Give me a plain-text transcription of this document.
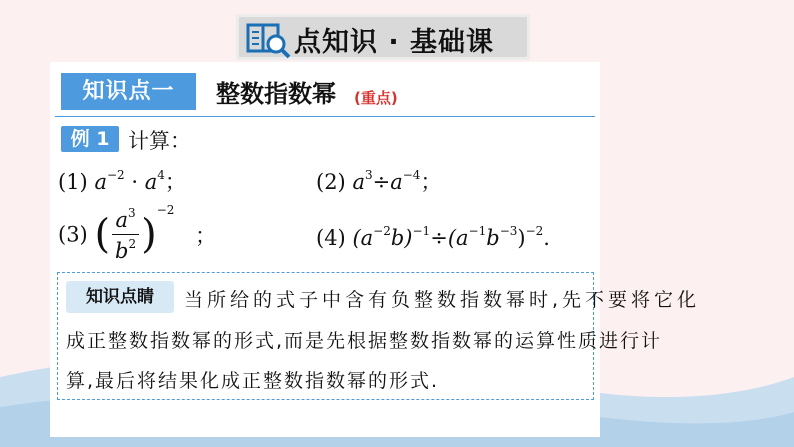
点知识 · 基础课
知识点一	整数指数幂 (重点)
例 1 计算：
(1) $a^{-2} \cdot a^4$；	(2) $a^3\div a^{-4}$；
(3) ( $\frac{a^3}{b^2} )^{-2}$ ；	(4) $(a^{-2}b)^{-1}\div(a^{-1}b^{-3})^{-2}$.
知识点睛	当所给的式子中含有负整数指数幂时,先不要将它化
成正整数指数幂的形式,而是先根据整数指数幂的运算性质进行计
算,最后将结果化成正整数指数幂的形式.
